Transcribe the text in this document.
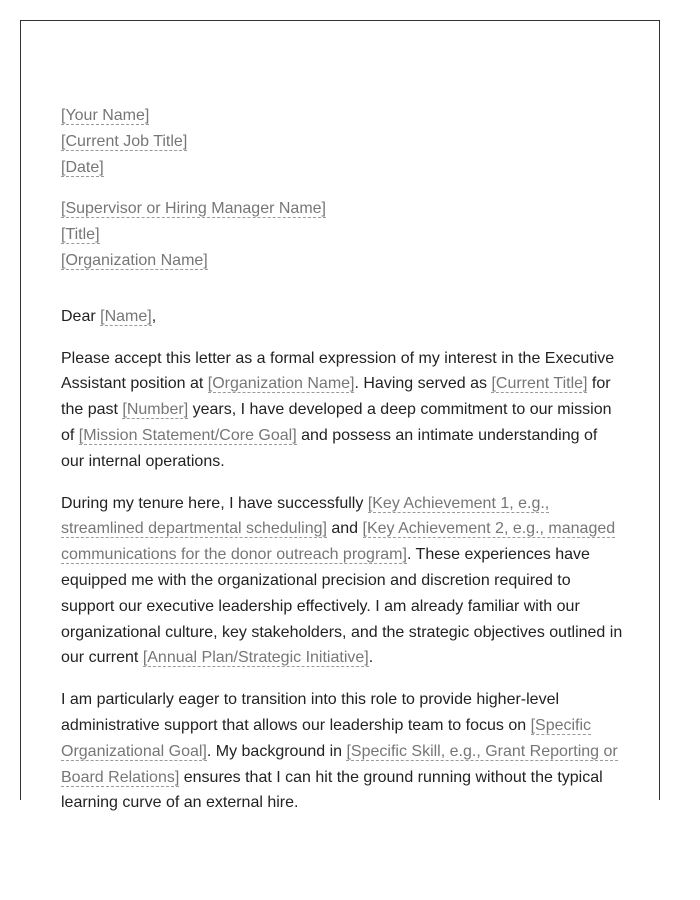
[Your Name]
[Current Job Title]
[Date]
[Supervisor or Hiring Manager Name]
[Title]
[Organization Name]

Dear [Name],

Please accept this letter as a formal expression of my interest in the Executive Assistant position at [Organization Name]. Having served as [Current Title] for the past [Number] years, I have developed a deep commitment to our mission of [Mission Statement/Core Goal] and possess an intimate understanding of our internal operations.

During my tenure here, I have successfully [Key Achievement 1, e.g., streamlined departmental scheduling] and [Key Achievement 2, e.g., managed communications for the donor outreach program]. These experiences have equipped me with the organizational precision and discretion required to support our executive leadership effectively. I am already familiar with our organizational culture, key stakeholders, and the strategic objectives outlined in our current [Annual Plan/Strategic Initiative].

I am particularly eager to transition into this role to provide higher-level administrative support that allows our leadership team to focus on [Specific Organizational Goal]. My background in [Specific Skill, e.g., Grant Reporting or Board Relations] ensures that I can hit the ground running without the typical learning curve of an external hire.
